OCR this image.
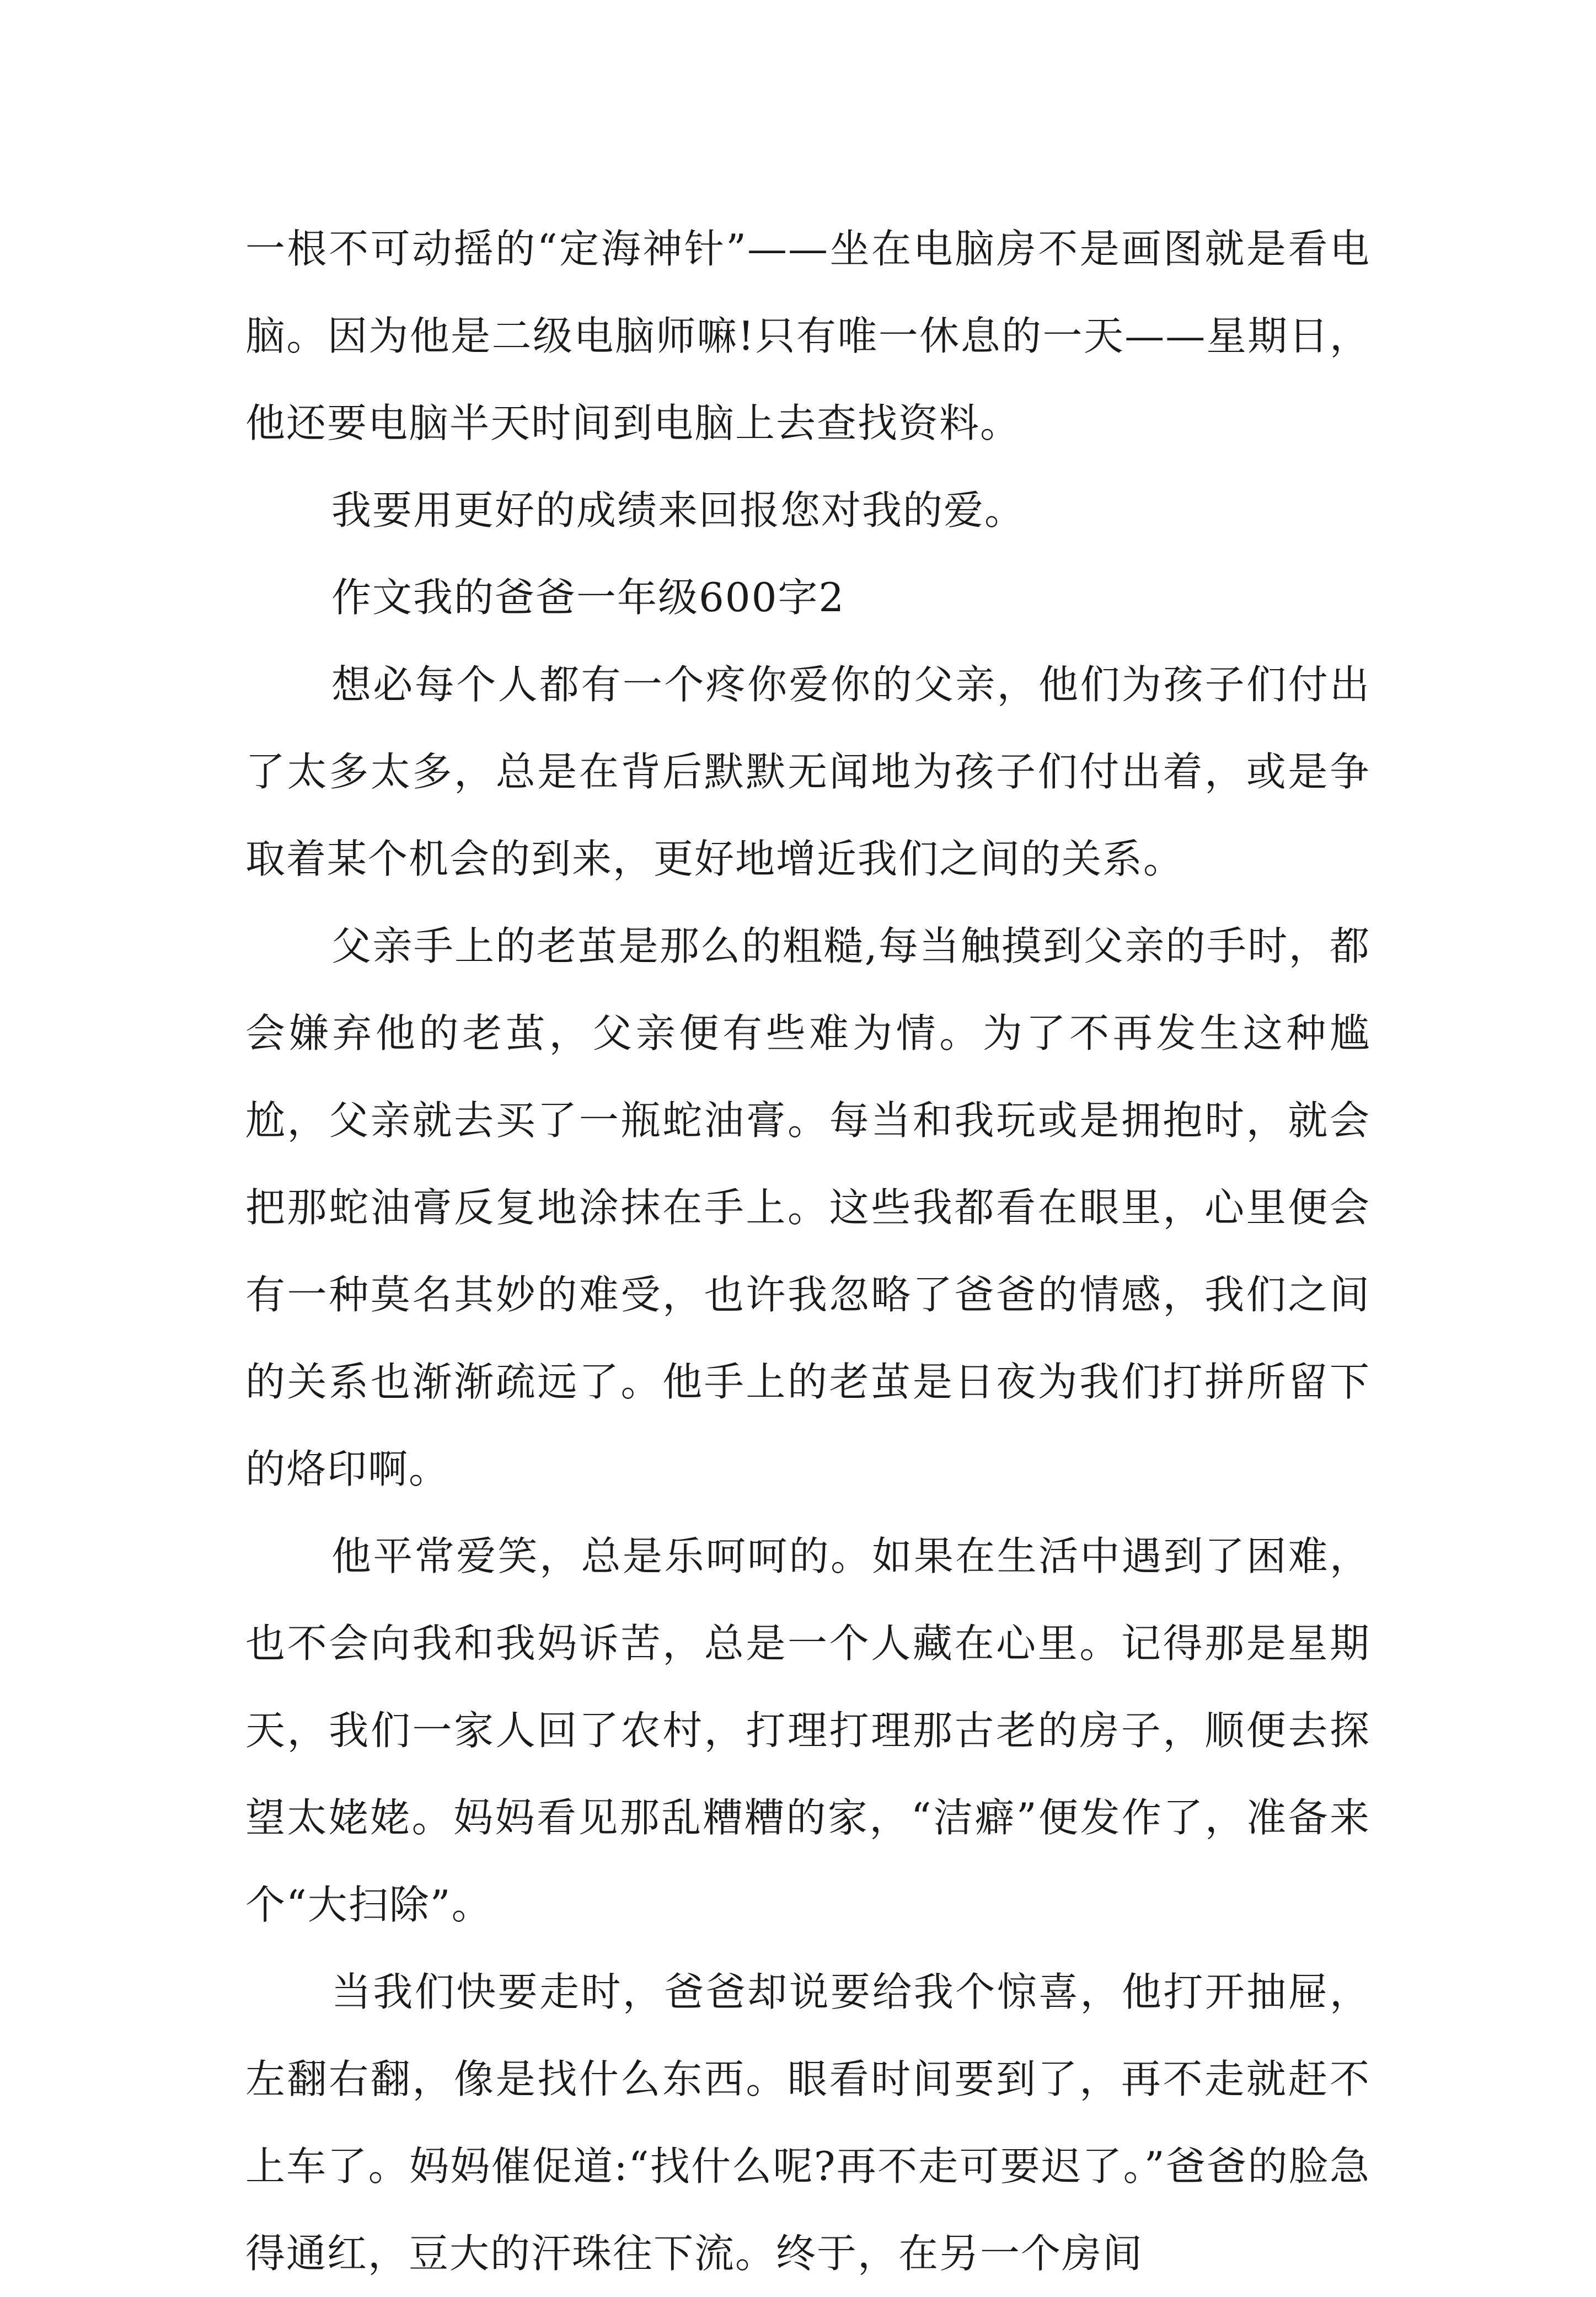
一根不可动摇的“定海神针”——坐在电脑房不是画图就是看电脑。因为他是二级电脑师嘛!只有唯一休息的一天——星期日，他还要电脑半天时间到电脑上去查找资料。

我要用更好的成绩来回报您对我的爱。

作文我的爸爸一年级600字2

想必每个人都有一个疼你爱你的父亲，他们为孩子们付出了太多太多，总是在背后默默无闻地为孩子们付出着，或是争取着某个机会的到来，更好地增近我们之间的关系。

父亲手上的老茧是那么的粗糙,每当触摸到父亲的手时，都会嫌弃他的老茧，父亲便有些难为情。为了不再发生这种尴尬，父亲就去买了一瓶蛇油膏。每当和我玩或是拥抱时，就会把那蛇油膏反复地涂抹在手上。这些我都看在眼里，心里便会有一种莫名其妙的难受，也许我忽略了爸爸的情感，我们之间的关系也渐渐疏远了。他手上的老茧是日夜为我们打拼所留下的烙印啊。

他平常爱笑，总是乐呵呵的。如果在生活中遇到了困难，也不会向我和我妈诉苦，总是一个人藏在心里。记得那是星期天，我们一家人回了农村，打理打理那古老的房子，顺便去探望太姥姥。妈妈看见那乱糟糟的家，“洁癖”便发作了，准备来个“大扫除”。

当我们快要走时，爸爸却说要给我个惊喜，他打开抽屉，左翻右翻，像是找什么东西。眼看时间要到了，再不走就赶不上车了。妈妈催促道:“找什么呢?再不走可要迟了。”爸爸的脸急得通红，豆大的汗珠往下流。终于，在另一个房间
